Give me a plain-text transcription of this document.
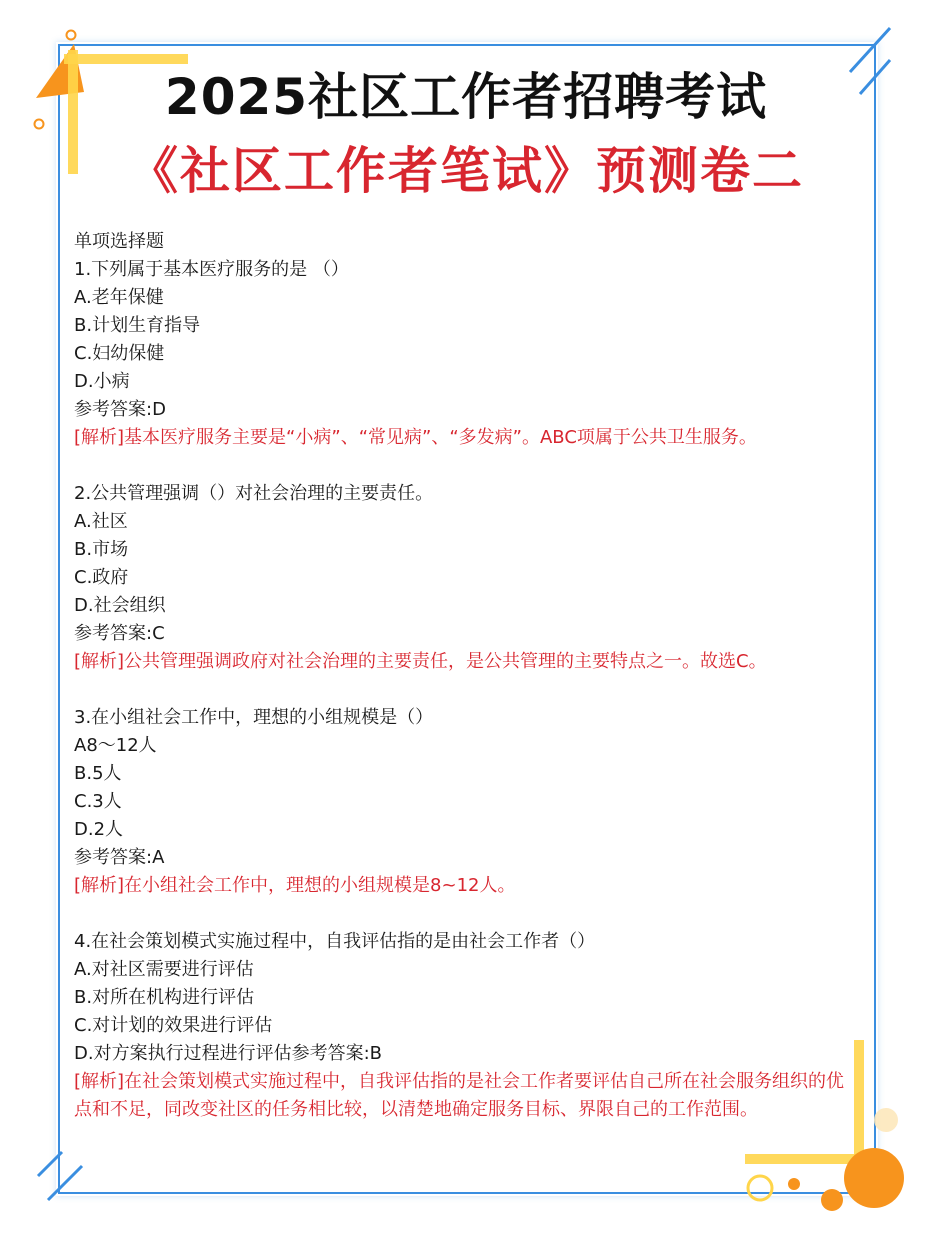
2025社区工作者招聘考试
《社区工作者笔试》预测卷二
单项选择题
1.下列属于基本医疗服务的是 （）
A.老年保健
B.计划生育指导
C.妇幼保健
D.小病
参考答案:D
[解析]基本医疗服务主要是“小病”、“常见病”、“多发病”。ABC项属于公共卫生服务。
2.公共管理强调（）对社会治理的主要责任。
A.社区
B.市场
C.政府
D.社会组织
参考答案:C
[解析]公共管理强调政府对社会治理的主要责任，是公共管理的主要特点之一。故选C。
3.在小组社会工作中，理想的小组规模是（）
A8～12人
B.5人
C.3人
D.2人
参考答案:A
[解析]在小组社会工作中，理想的小组规模是8~12人。
4.在社会策划模式实施过程中，自我评估指的是由社会工作者（）
A.对社区需要进行评估
B.对所在机构进行评估
C.对计划的效果进行评估
D.对方案执行过程进行评估参考答案:B
[解析]在社会策划模式实施过程中，自我评估指的是社会工作者要评估自己所在社会服务组织的优点和不足，同改变社区的任务相比较，以清楚地确定服务目标、界限自己的工作范围。
